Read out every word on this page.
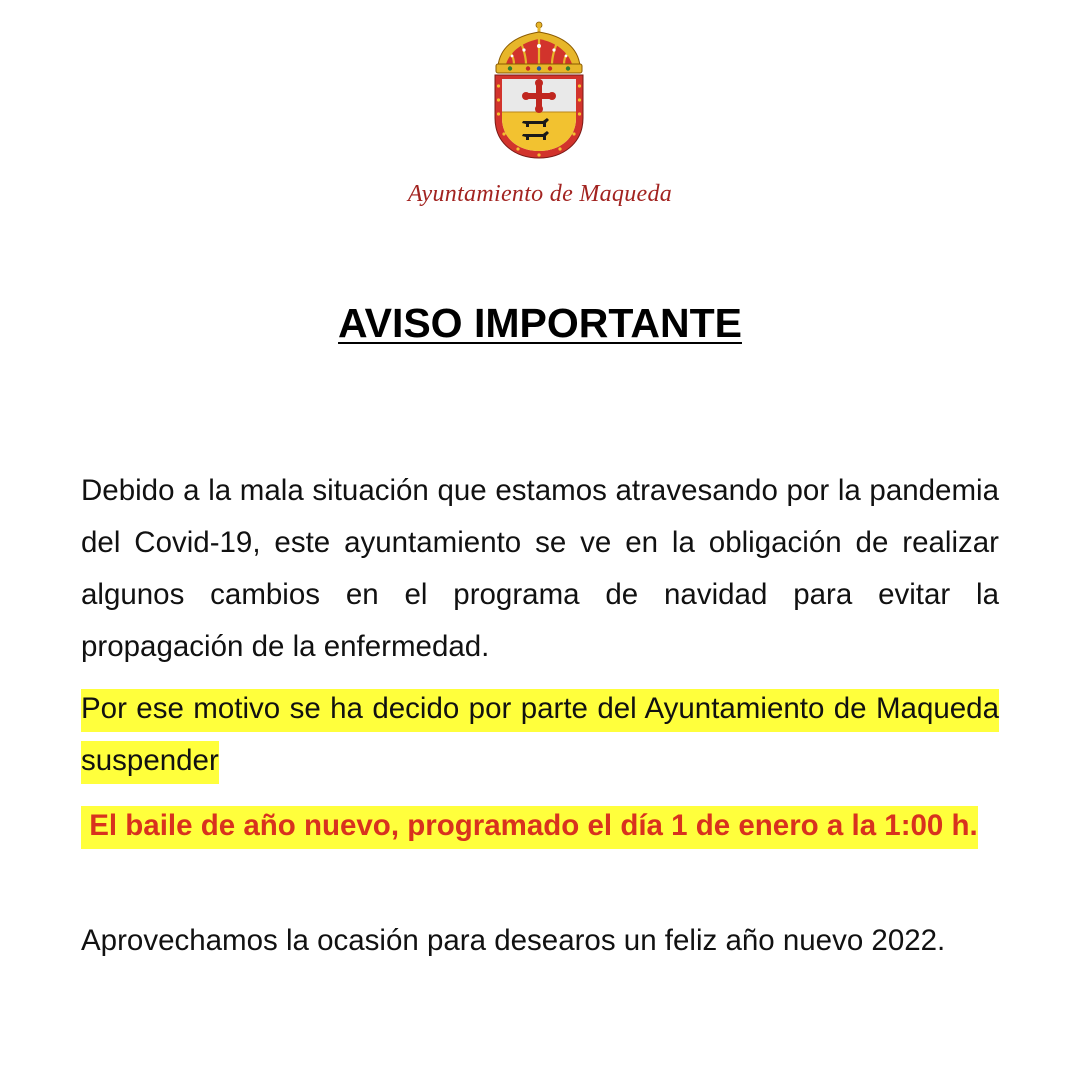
Ayuntamiento de Maqueda
AVISO IMPORTANTE
Debido a la mala situación que estamos atravesando por la pandemia del Covid-19, este ayuntamiento se ve en la obligación de realizar algunos cambios en el programa de navidad para evitar la propagación de la enfermedad.
Por ese motivo se ha decido por parte del Ayuntamiento de Maqueda suspender
El baile de año nuevo, programado el día 1 de enero a la 1:00 h.
Aprovechamos la ocasión para desearos un feliz año nuevo 2022.
